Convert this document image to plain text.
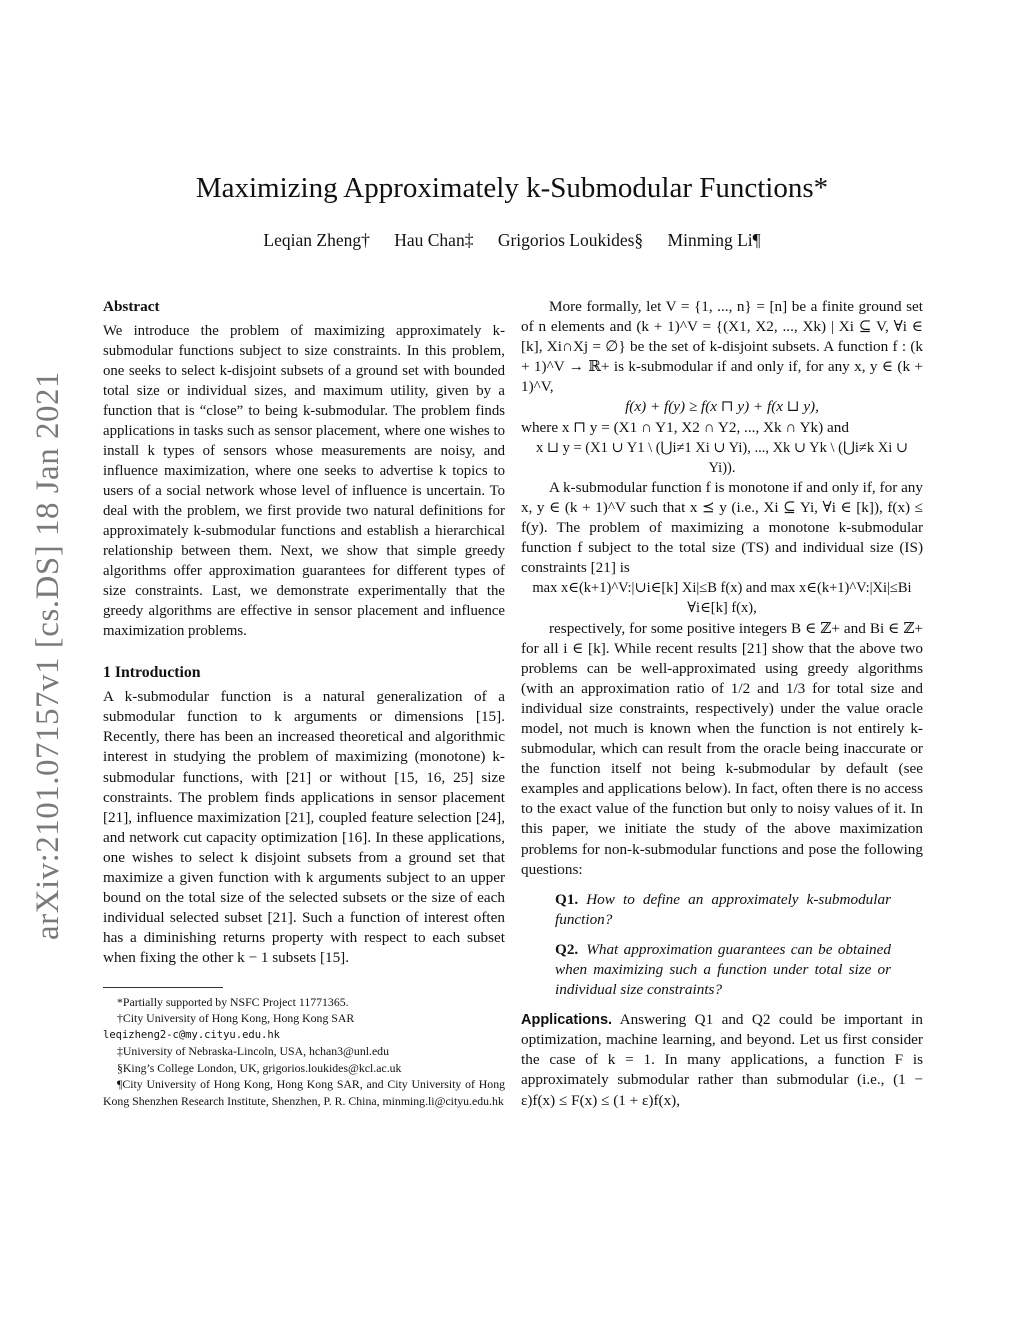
arXiv:2101.07157v1 [cs.DS] 18 Jan 2021
Maximizing Approximately k-Submodular Functions*
Leqian Zheng† Hau Chan‡ Grigorios Loukides§ Minming Li¶

Abstract

We introduce the problem of maximizing approximately k-submodular functions subject to size constraints. In this problem, one seeks to select k-disjoint subsets of a ground set with bounded total size or individual sizes, and maximum utility, given by a function that is “close” to being k-submodular. The problem finds applications in tasks such as sensor placement, where one wishes to install k types of sensors whose measurements are noisy, and influence maximization, where one seeks to advertise k topics to users of a social network whose level of influence is uncertain. To deal with the problem, we first provide two natural definitions for approximately k-submodular functions and establish a hierarchical relationship between them. Next, we show that simple greedy algorithms offer approximation guarantees for different types of size constraints. Last, we demonstrate experimentally that the greedy algorithms are effective in sensor placement and influence maximization problems.

1 Introduction

A k-submodular function is a natural generalization of a submodular function to k arguments or dimensions [15]. Recently, there has been an increased theoretical and algorithmic interest in studying the problem of maximizing (monotone) k-submodular functions, with [21] or without [15, 16, 25] size constraints. The problem finds applications in sensor placement [21], influence maximization [21], coupled feature selection [24], and network cut capacity optimization [16]. In these applications, one wishes to select k disjoint subsets from a ground set that maximize a given function with k arguments subject to an upper bound on the total size of the selected subsets or the size of each individual selected subset [21]. Such a function of interest often has a diminishing returns property with respect to each subset when fixing the other k − 1 subsets [15].

*Partially supported by NSFC Project 11771365.

†City University of Hong Kong, Hong Kong SAR

leqizheng2-c@my.cityu.edu.hk

‡University of Nebraska-Lincoln, USA, hchan3@unl.edu

§King’s College London, UK, grigorios.loukides@kcl.ac.uk

¶City University of Hong Kong, Hong Kong SAR, and City University of Hong Kong Shenzhen Research Institute, Shenzhen, P. R. China, minming.li@cityu.edu.hk

More formally, let V = {1, ..., n} = [n] be a finite ground set of n elements and (k + 1)^V = {(X1, X2, ..., Xk) | Xi ⊆ V, ∀i ∈ [k], Xi∩Xj = ∅} be the set of k-disjoint subsets. A function f : (k + 1)^V → ℝ+ is k-submodular if and only if, for any x, y ∈ (k + 1)^V,

f(x) + f(y) ≥ f(x ⊓ y) + f(x ⊔ y),

where x ⊓ y = (X1 ∩ Y1, X2 ∩ Y2, ..., Xk ∩ Yk) and

x ⊔ y = (X1 ∪ Y1 \ (⋃i≠1 Xi ∪ Yi), ..., Xk ∪ Yk \ (⋃i≠k Xi ∪ Yi)).

A k-submodular function f is monotone if and only if, for any x, y ∈ (k + 1)^V such that x ⪯ y (i.e., Xi ⊆ Yi, ∀i ∈ [k]), f(x) ≤ f(y). The problem of maximizing a monotone k-submodular function f subject to the total size (TS) and individual size (IS) constraints [21] is

max x∈(k+1)^V:|∪i∈[k] Xi|≤B f(x) and max x∈(k+1)^V:|Xi|≤Bi ∀i∈[k] f(x),

respectively, for some positive integers B ∈ ℤ+ and Bi ∈ ℤ+ for all i ∈ [k]. While recent results [21] show that the above two problems can be well-approximated using greedy algorithms (with an approximation ratio of 1/2 and 1/3 for total size and individual size constraints, respectively) under the value oracle model, not much is known when the function is not entirely k-submodular, which can result from the oracle being inaccurate or the function itself not being k-submodular by default (see examples and applications below). In fact, often there is no access to the exact value of the function but only to noisy values of it. In this paper, we initiate the study of the above maximization problems for non-k-submodular functions and pose the following questions:

Q1. How to define an approximately k-submodular function?

Q2. What approximation guarantees can be obtained when maximizing such a function under total size or individual size constraints?

Applications. Answering Q1 and Q2 could be important in optimization, machine learning, and beyond. Let us first consider the case of k = 1. In many applications, a function F is approximately submodular rather than submodular (i.e., (1 − ε)f(x) ≤ F(x) ≤ (1 + ε)f(x),
